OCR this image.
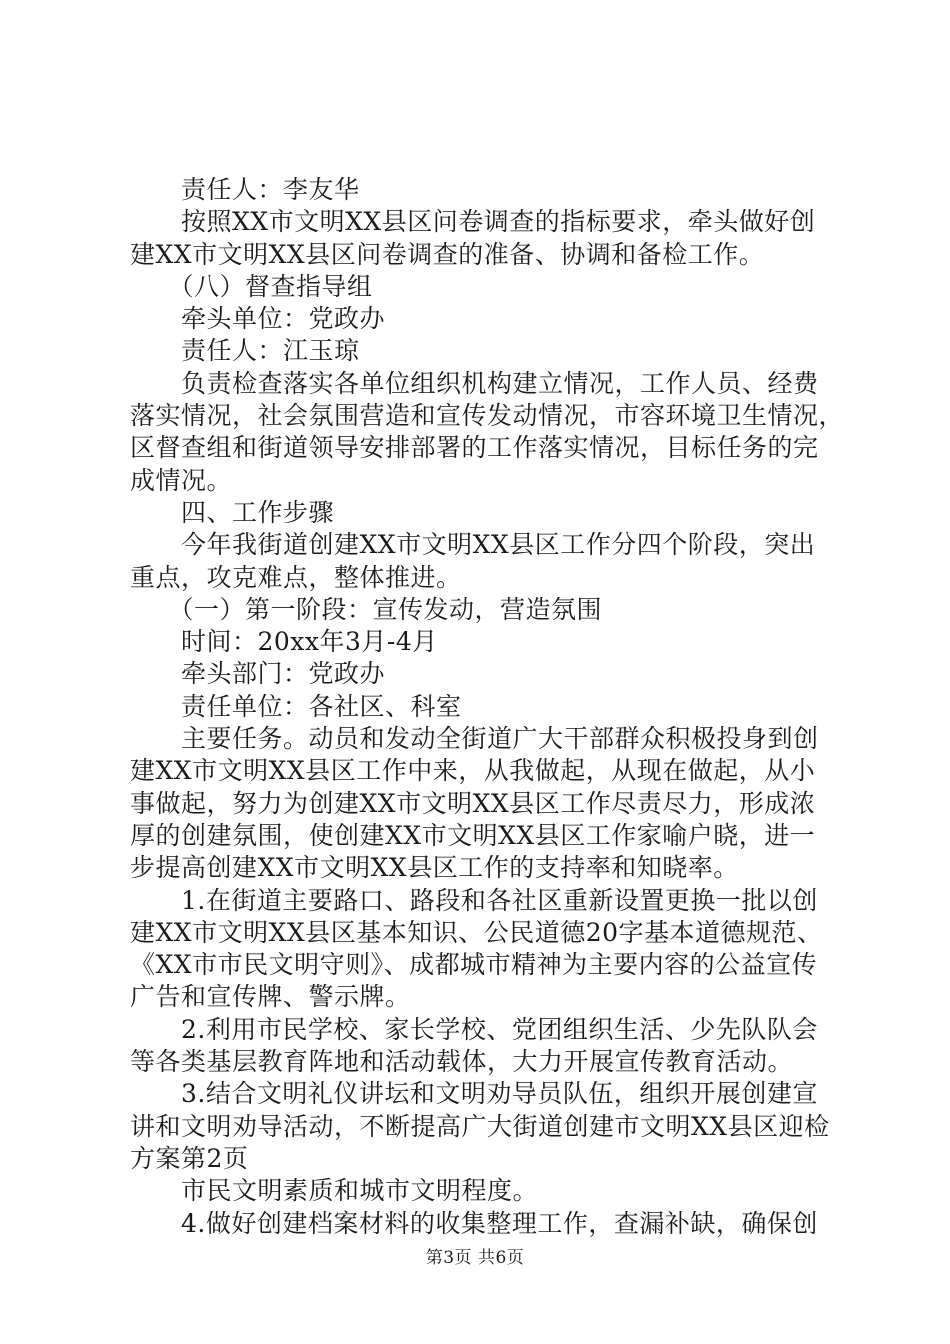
　　责任人：李友华
　　按照XX市文明XX县区问卷调查的指标要求，牵头做好创
建XX市文明XX县区问卷调查的准备、协调和备检工作。
　　（八）督查指导组
　　牵头单位：党政办
　　责任人：江玉琼
　　负责检查落实各单位组织机构建立情况，工作人员、经费
落实情况，社会氛围营造和宣传发动情况，市容环境卫生情况，
区督查组和街道领导安排部署的工作落实情况，目标任务的完
成情况。
　　四、工作步骤
　　今年我街道创建XX市文明XX县区工作分四个阶段，突出
重点，攻克难点，整体推进。
　　（一）第一阶段：宣传发动，营造氛围
　　时间：20xx年3月-4月
　　牵头部门：党政办
　　责任单位：各社区、科室
　　主要任务。动员和发动全街道广大干部群众积极投身到创
建XX市文明XX县区工作中来，从我做起，从现在做起，从小
事做起，努力为创建XX市文明XX县区工作尽责尽力，形成浓
厚的创建氛围，使创建XX市文明XX县区工作家喻户晓，进一
步提高创建XX市文明XX县区工作的支持率和知晓率。
　　1.在街道主要路口、路段和各社区重新设置更换一批以创
建XX市文明XX县区基本知识、公民道德20字基本道德规范、
《XX市市民文明守则》、成都城市精神为主要内容的公益宣传
广告和宣传牌、警示牌。
　　2.利用市民学校、家长学校、党团组织生活、少先队队会
等各类基层教育阵地和活动载体，大力开展宣传教育活动。
　　3.结合文明礼仪讲坛和文明劝导员队伍，组织开展创建宣
讲和文明劝导活动，不断提高广大街道创建市文明XX县区迎检
方案第2页
　　市民文明素质和城市文明程度。
　　4.做好创建档案材料的收集整理工作，查漏补缺，确保创
第3页 共6页
